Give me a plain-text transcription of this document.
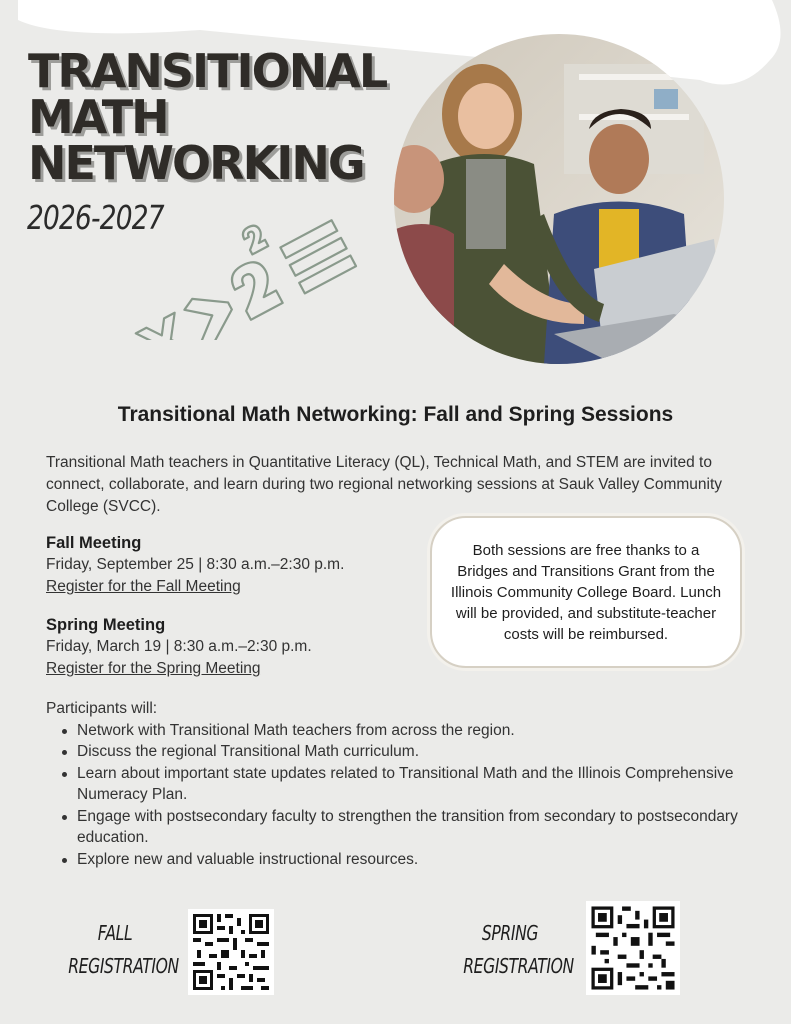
TRANSITIONAL
MATH
NETWORKING
2026-2027
Transitional Math Networking: Fall and Spring Sessions

Transitional Math teachers in Quantitative Literacy (QL), Technical Math, and STEM are invited to connect, collaborate, and learn during two regional networking sessions at Sauk Valley Community College (SVCC).

Fall Meeting
Friday, September 25 | 8:30 a.m.–2:30 p.m.
Register for the Fall Meeting
Spring Meeting
Friday, March 19 | 8:30 a.m.–2:30 p.m.
Register for the Spring Meeting
Both sessions are free thanks to a Bridges and Transitions Grant from the Illinois Community College Board. Lunch will be provided, and substitute-teacher costs will be reimbursed.
Participants will:
Network with Transitional Math teachers from across the region.
Discuss the regional Transitional Math curriculum.
Learn about important state updates related to Transitional Math and the Illinois Comprehensive Numeracy Plan.
Engage with postsecondary faculty to strengthen the transition from secondary to postsecondary education.
Explore new and valuable instructional resources.
FALL
REGISTRATION
SPRING
REGISTRATION
